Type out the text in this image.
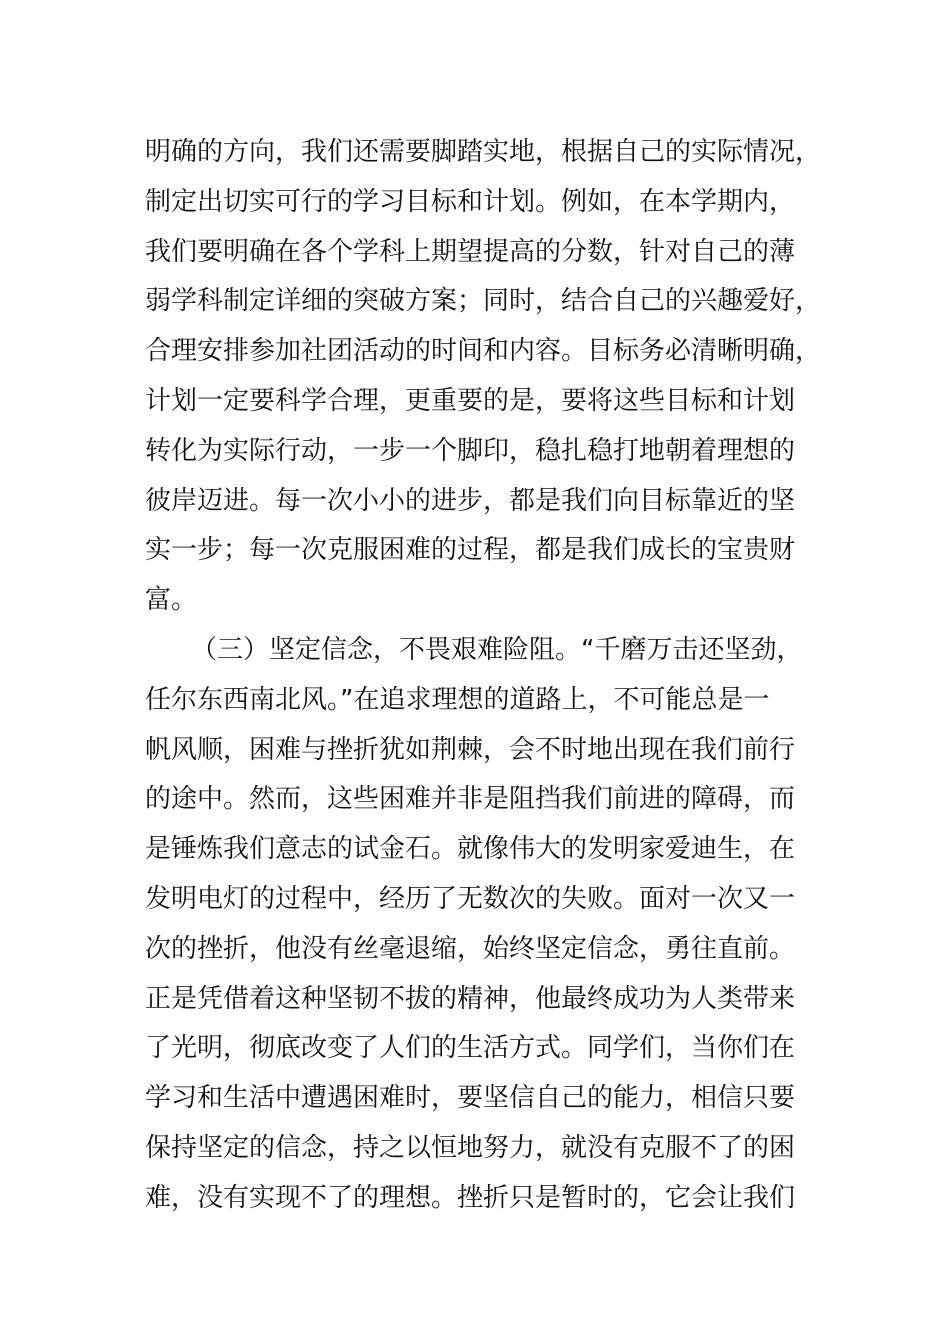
明确的方向，我们还需要脚踏实地，根据自己的实际情况，
制定出切实可行的学习目标和计划。例如，在本学期内，
我们要明确在各个学科上期望提高的分数，针对自己的薄
弱学科制定详细的突破方案；同时，结合自己的兴趣爱好，
合理安排参加社团活动的时间和内容。目标务必清晰明确，
计划一定要科学合理，更重要的是，要将这些目标和计划
转化为实际行动，一步一个脚印，稳扎稳打地朝着理想的
彼岸迈进。每一次小小的进步，都是我们向目标靠近的坚
实一步；每一次克服困难的过程，都是我们成长的宝贵财
富。
（三）坚定信念，不畏艰难险阻。“千磨万击还坚劲，
任尔东西南北风。”在追求理想的道路上，不可能总是一
帆风顺，困难与挫折犹如荆棘，会不时地出现在我们前行
的途中。然而，这些困难并非是阻挡我们前进的障碍，而
是锤炼我们意志的试金石。就像伟大的发明家爱迪生，在
发明电灯的过程中，经历了无数次的失败。面对一次又一
次的挫折，他没有丝毫退缩，始终坚定信念，勇往直前。
正是凭借着这种坚韧不拔的精神，他最终成功为人类带来
了光明，彻底改变了人们的生活方式。同学们，当你们在
学习和生活中遭遇困难时，要坚信自己的能力，相信只要
保持坚定的信念，持之以恒地努力，就没有克服不了的困
难，没有实现不了的理想。挫折只是暂时的，它会让我们
